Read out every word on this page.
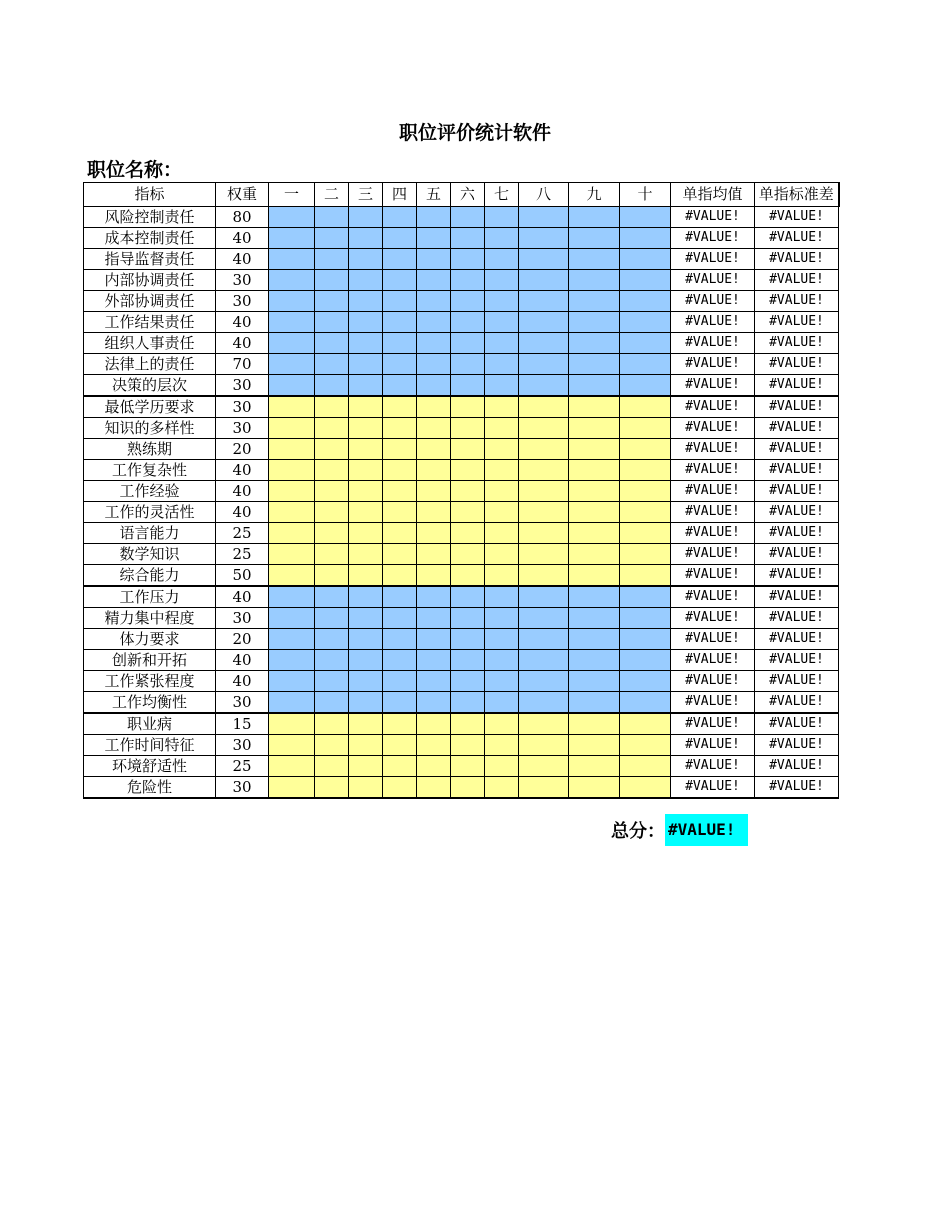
职位评价统计软件
职位名称：
指标	权重	一	二	三	四	五	六	七	八	九	十	单指均值	单指标准差
风险控制责任	80											#VALUE!	#VALUE!
成本控制责任	40											#VALUE!	#VALUE!
指导监督责任	40											#VALUE!	#VALUE!
内部协调责任	30											#VALUE!	#VALUE!
外部协调责任	30											#VALUE!	#VALUE!
工作结果责任	40											#VALUE!	#VALUE!
组织人事责任	40											#VALUE!	#VALUE!
法律上的责任	70											#VALUE!	#VALUE!
决策的层次	30											#VALUE!	#VALUE!
最低学历要求	30											#VALUE!	#VALUE!
知识的多样性	30											#VALUE!	#VALUE!
熟练期	20											#VALUE!	#VALUE!
工作复杂性	40											#VALUE!	#VALUE!
工作经验	40											#VALUE!	#VALUE!
工作的灵活性	40											#VALUE!	#VALUE!
语言能力	25											#VALUE!	#VALUE!
数学知识	25											#VALUE!	#VALUE!
综合能力	50											#VALUE!	#VALUE!
工作压力	40											#VALUE!	#VALUE!
精力集中程度	30											#VALUE!	#VALUE!
体力要求	20											#VALUE!	#VALUE!
创新和开拓	40											#VALUE!	#VALUE!
工作紧张程度	40											#VALUE!	#VALUE!
工作均衡性	30											#VALUE!	#VALUE!
职业病	15											#VALUE!	#VALUE!
工作时间特征	30											#VALUE!	#VALUE!
环境舒适性	25											#VALUE!	#VALUE!
危险性	30											#VALUE!	#VALUE!
总分： #VALUE!
